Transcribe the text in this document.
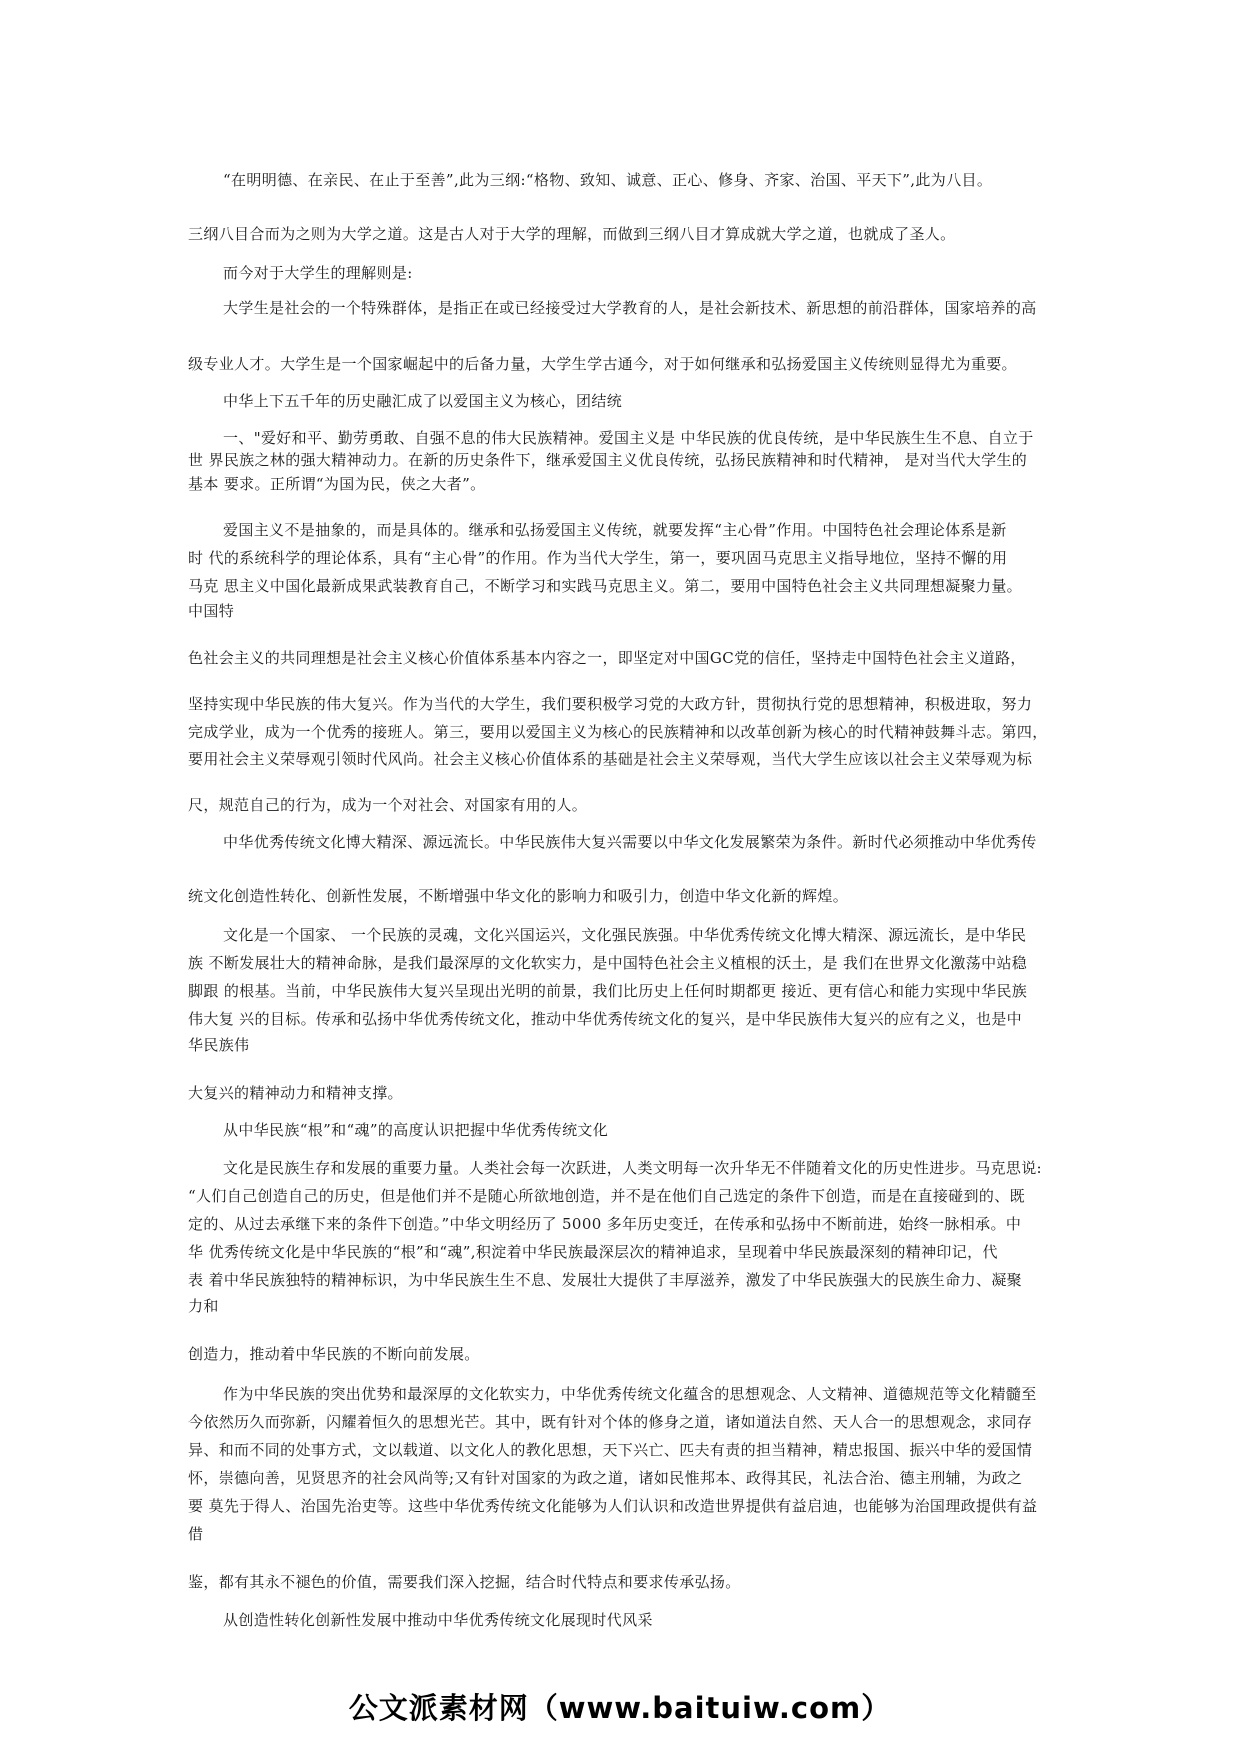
“在明明德、在亲民、在止于至善”,此为三纲:“格物、致知、诚意、正心、修身、齐家、治国、平天下”,此为八目。
三纲八目合而为之则为大学之道。这是古人对于大学的理解，而做到三纲八目才算成就大学之道，也就成了圣人。
而今对于大学生的理解则是:
大学生是社会的一个特殊群体，是指正在或已经接受过大学教育的人，是社会新技术、新思想的前沿群体，国家培养的高
级专业人才。大学生是一个国家崛起中的后备力量，大学生学古通今，对于如何继承和弘扬爱国主义传统则显得尤为重要。
中华上下五千年的历史融汇成了以爱国主义为核心，团结统
一、"爱好和平、勤劳勇敢、自强不息的伟大民族精神。爱国主义是 中华民族的优良传统，是中华民族生生不息、自立于
世 界民族之林的强大精神动力。在新的历史条件下，继承爱国主义优良传统，弘扬民族精神和时代精神， 是对当代大学生的
基本 要求。正所谓“为国为民，侠之大者”。
爱国主义不是抽象的，而是具体的。继承和弘扬爱国主义传统，就要发挥“主心骨”作用。中国特色社会理论体系是新
时 代的系统科学的理论体系，具有“主心骨”的作用。作为当代大学生，第一，要巩固马克思主义指导地位，坚持不懈的用
马克 思主义中国化最新成果武装教育自己，不断学习和实践马克思主义。第二，要用中国特色社会主义共同理想凝聚力量。
中国特
色社会主义的共同理想是社会主义核心价值体系基本内容之一，即坚定对中国GC党的信任，坚持走中国特色社会主义道路，
坚持实现中华民族的伟大复兴。作为当代的大学生，我们要积极学习党的大政方针，贯彻执行党的思想精神，积极进取，努力
完成学业，成为一个优秀的接班人。第三，要用以爱国主义为核心的民族精神和以改革创新为核心的时代精神鼓舞斗志。第四，
要用社会主义荣辱观引领时代风尚。社会主义核心价值体系的基础是社会主义荣辱观，当代大学生应该以社会主义荣辱观为标
尺，规范自己的行为，成为一个对社会、对国家有用的人。
中华优秀传统文化博大精深、源远流长。中华民族伟大复兴需要以中华文化发展繁荣为条件。新时代必须推动中华优秀传
统文化创造性转化、创新性发展，不断增强中华文化的影响力和吸引力，创造中华文化新的辉煌。
文化是一个国家、 一个民族的灵魂，文化兴国运兴，文化强民族强。中华优秀传统文化博大精深、源远流长，是中华民
族 不断发展壮大的精神命脉，是我们最深厚的文化软实力，是中国特色社会主义植根的沃土，是 我们在世界文化激荡中站稳
脚跟 的根基。当前，中华民族伟大复兴呈现出光明的前景，我们比历史上任何时期都更 接近、更有信心和能力实现中华民族
伟大复 兴的目标。传承和弘扬中华优秀传统文化，推动中华优秀传统文化的复兴，是中华民族伟大复兴的应有之义，也是中
华民族伟
大复兴的精神动力和精神支撑。
从中华民族“根”和“魂”的高度认识把握中华优秀传统文化
文化是民族生存和发展的重要力量。人类社会每一次跃进，人类文明每一次升华无不伴随着文化的历史性进步。马克思说:
“人们自己创造自己的历史，但是他们并不是随心所欲地创造，并不是在他们自己选定的条件下创造，而是在直接碰到的、既
定的、从过去承继下来的条件下创造。”中华文明经历了 5000 多年历史变迁，在传承和弘扬中不断前进，始终一脉相承。中
华 优秀传统文化是中华民族的“根”和“魂”,积淀着中华民族最深层次的精神追求，呈现着中华民族最深刻的精神印记，代
表 着中华民族独特的精神标识，为中华民族生生不息、发展壮大提供了丰厚滋养，激发了中华民族强大的民族生命力、凝聚
力和
创造力，推动着中华民族的不断向前发展。
作为中华民族的突出优势和最深厚的文化软实力，中华优秀传统文化蕴含的思想观念、人文精神、道德规范等文化精髓至
今依然历久而弥新，闪耀着恒久的思想光芒。其中，既有针对个体的修身之道，诸如道法自然、天人合一的思想观念，求同存
异、和而不同的处事方式，文以载道、以文化人的教化思想，天下兴亡、匹夫有责的担当精神，精忠报国、振兴中华的爱国情
怀，崇德向善，见贤思齐的社会风尚等;又有针对国家的为政之道，诸如民惟邦本、政得其民，礼法合治、德主刑辅，为政之
要 莫先于得人、治国先治吏等。这些中华优秀传统文化能够为人们认识和改造世界提供有益启迪，也能够为治国理政提供有益
借
鉴，都有其永不褪色的价值，需要我们深入挖掘，结合时代特点和要求传承弘扬。
从创造性转化创新性发展中推动中华优秀传统文化展现时代风采
公文派素材网（www.baituiw.com）
